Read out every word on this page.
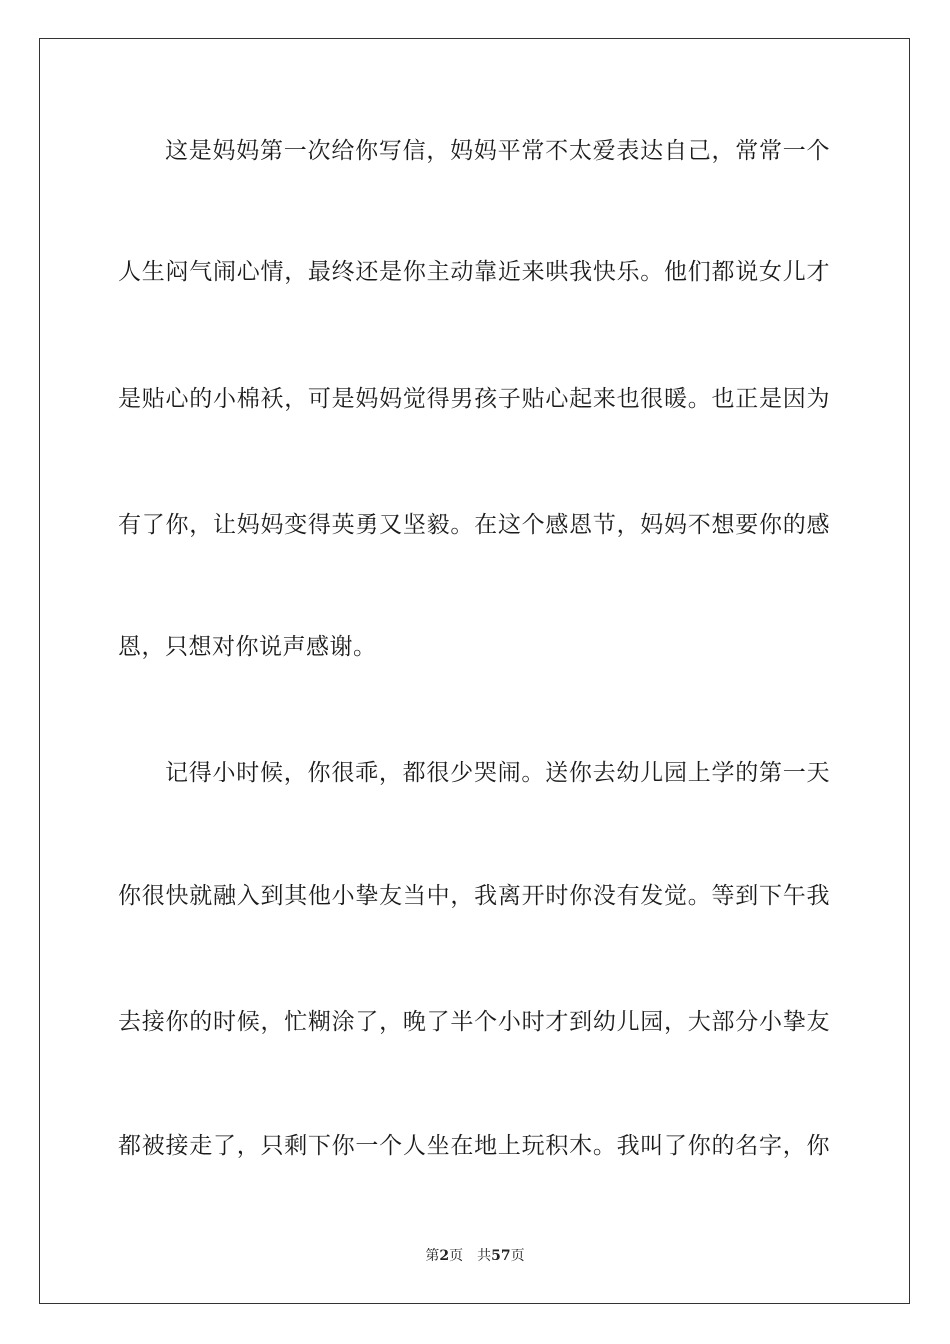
这是妈妈第一次给你写信，妈妈平常不太爱表达自己，常常一个
人生闷气闹心情，最终还是你主动靠近来哄我快乐。他们都说女儿才
是贴心的小棉袄，可是妈妈觉得男孩子贴心起来也很暖。也正是因为
有了你，让妈妈变得英勇又坚毅。在这个感恩节，妈妈不想要你的感
恩，只想对你说声感谢。
记得小时候，你很乖，都很少哭闹。送你去幼儿园上学的第一天
你很快就融入到其他小挚友当中，我离开时你没有发觉。等到下午我
去接你的时候，忙糊涂了，晚了半个小时才到幼儿园，大部分小挚友
都被接走了，只剩下你一个人坐在地上玩积木。我叫了你的名字，你
第2页 共57页
